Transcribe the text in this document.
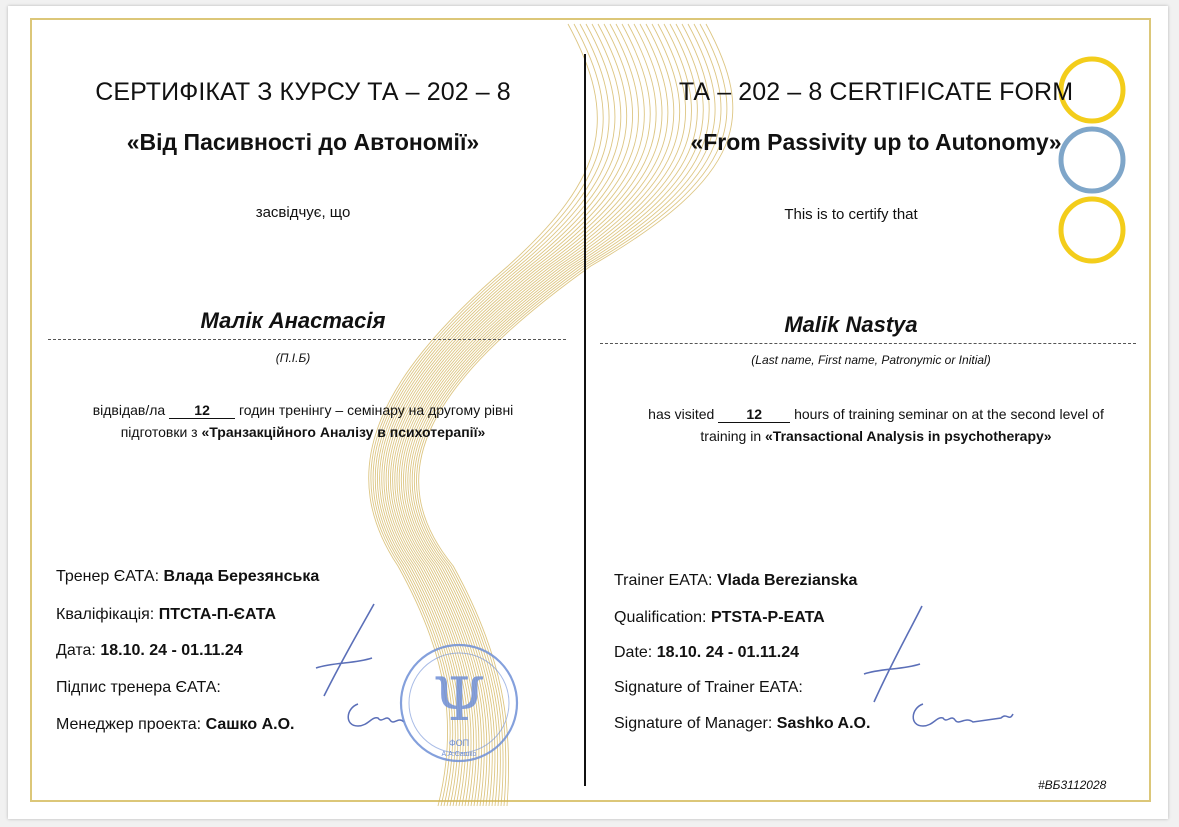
СЕРТИФІКАТ З КУРСУ ТА – 202 – 8
«Від Пасивності до Автономії»
засвідчує, що
Малік Анастасія
(П.І.Б)
відвідав/ла 12 годин тренінгу – семінару на другому рівні
підготовки з «Транзакційного Аналізу в психотерапії»
Тренер ЄАТА: Влада Березянська
Кваліфікація: ПТСТА-П-ЄАТА
Дата: 18.10. 24 - 01.11.24
Підпис тренера ЄАТА:
Менеджер проекта: Сашко А.О. Ψ
ФОП
А.А.Сашко
ТА – 202 – 8 CERTIFICATE FORM
«From Passivity up to Autonomy»
This is to certify that
Malik Nastya
(Last name, First name, Patronymic or Initial)
has visited 12 hours of training seminar on at the second level of
training in «Transactional Analysis in psychotherapy»
Trainer EATA: Vlada Berezianska
Qualification: PTSTA-P-EATA
Date: 18.10. 24 - 01.11.24
Signature of Trainer EATA:
Signature of Manager: Sashko A.O.
#ВБ3112028
